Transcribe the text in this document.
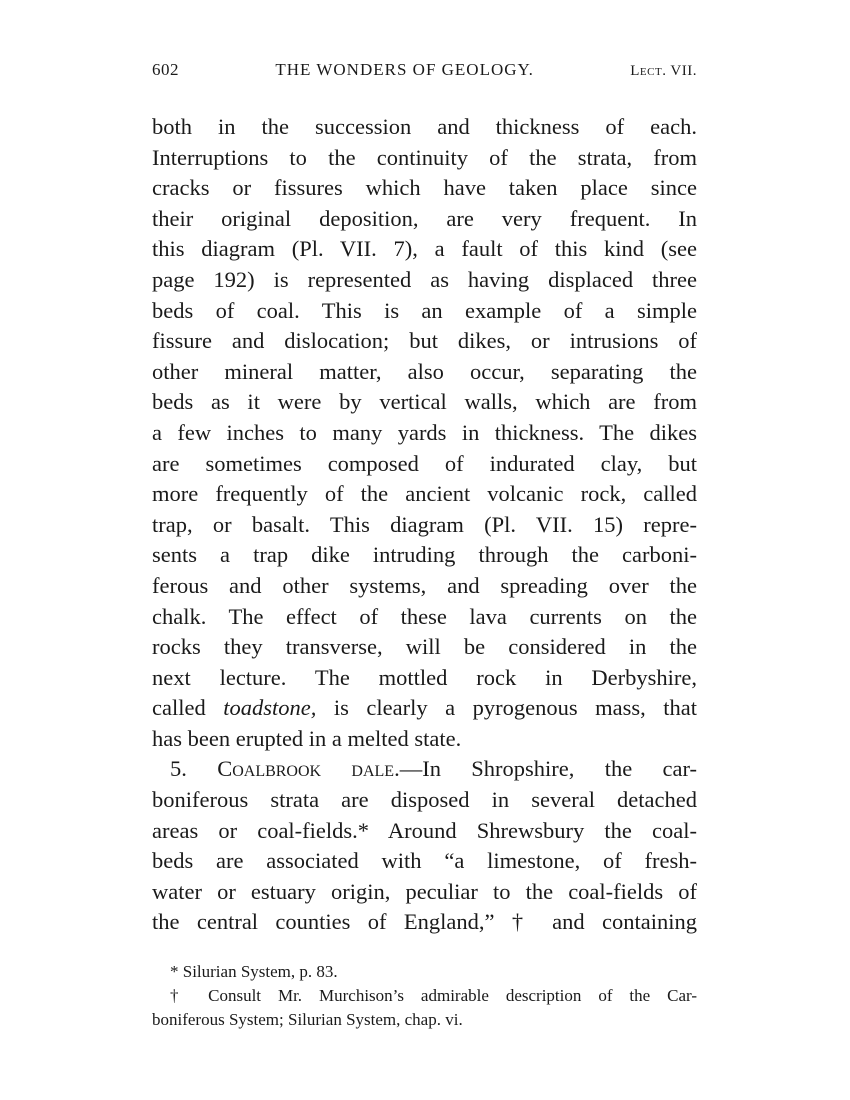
602	THE WONDERS OF GEOLOGY.	Lect. VII.
both in the succession and thickness of each.
Interruptions to the continuity of the strata, from
cracks or fissures which have taken place since
their original deposition, are very frequent. In
this diagram (Pl. VII. 7), a fault of this kind (see
page 192) is represented as having displaced three
beds of coal. This is an example of a simple
fissure and dislocation; but dikes, or intrusions of
other mineral matter, also occur, separating the
beds as it were by vertical walls, which are from
a few inches to many yards in thickness. The dikes
are sometimes composed of indurated clay, but
more frequently of the ancient volcanic rock, called
trap, or basalt. This diagram (Pl. VII. 15) repre-
sents a trap dike intruding through the carboni-
ferous and other systems, and spreading over the
chalk. The effect of these lava currents on the
rocks they transverse, will be considered in the
next lecture. The mottled rock in Derbyshire,
called toadstone, is clearly a pyrogenous mass, that
has been erupted in a melted state.
5. Coalbrook dale.—In Shropshire, the car-
boniferous strata are disposed in several detached
areas or coal-fields.* Around Shrewsbury the coal-
beds are associated with “a limestone, of fresh-
water or estuary origin, peculiar to the coal-fields of
the central counties of England,” † and containing
* Silurian System, p. 83.
† Consult Mr. Murchison’s admirable description of the Car-
boniferous System; Silurian System, chap. vi.
